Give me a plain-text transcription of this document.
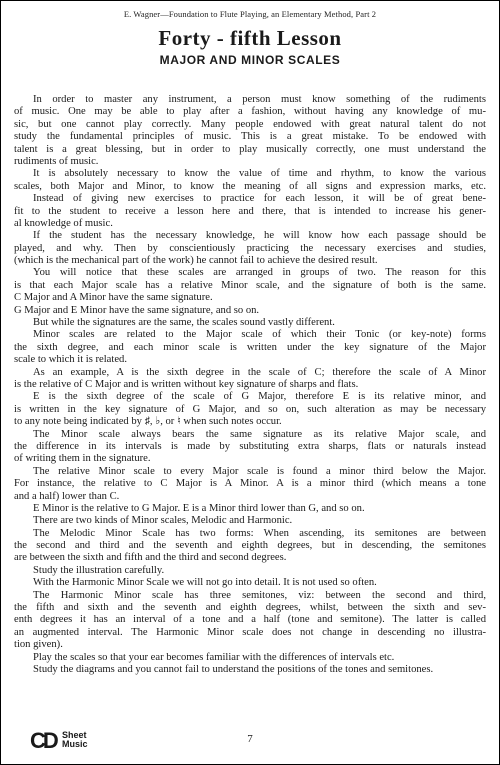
E. Wagner—Foundation to Flute Playing, an Elementary Method, Part 2
Forty - fifth Lesson
MAJOR AND MINOR SCALES
In order to master any instrument, a person must know something of the rudiments
of music. One may be able to play after a fashion, without having any knowledge of mu-
sic, but one cannot play correctly. Many people endowed with great natural talent do not
study the fundamental principles of music. This is a great mistake. To be endowed with
talent is a great blessing, but in order to play musically correctly, one must understand the
rudiments of music.
It is absolutely necessary to know the value of time and rhythm, to know the various
scales, both Major and Minor, to know the meaning of all signs and expression marks, etc.
Instead of giving new exercises to practice for each lesson, it will be of great bene-
fit to the student to receive a lesson here and there, that is intended to increase his gener-
al knowledge of music.
If the student has the necessary knowledge, he will know how each passage should be
played, and why. Then by conscientiously practicing the necessary exercises and studies,
(which is the mechanical part of the work) he cannot fail to achieve the desired result.
You will notice that these scales are arranged in groups of two. The reason for this
is that each Major scale has a relative Minor scale, and the signature of both is the same.
C Major and A Minor have the same signature.
G Major and E Minor have the same signature, and so on.
But while the signatures are the same, the scales sound vastly different.
Minor scales are related to the Major scale of which their Tonic (or key-note) forms
the sixth degree, and each minor scale is written under the key signature of the Major
scale to which it is related.
As an example, A is the sixth degree in the scale of C; therefore the scale of A Minor
is the relative of C Major and is written without key signature of sharps and flats.
E is the sixth degree of the scale of G Major, therefore E is its relative minor, and
is written in the key signature of G Major, and so on, such alteration as may be necessary
to any note being indicated by ♯, ♭, or ♮ when such notes occur.
The Minor scale always bears the same signature as its relative Major scale, and
the difference in its intervals is made by substituting extra sharps, flats or naturals instead
of writing them in the signature.
The relative Minor scale to every Major scale is found a minor third below the Major.
For instance, the relative to C Major is A Minor. A is a minor third (which means a tone
and a half) lower than C.
E Minor is the relative to G Major. E is a Minor third lower than G, and so on.
There are two kinds of Minor scales, Melodic and Harmonic.
The Melodic Minor Scale has two forms: When ascending, its semitones are between
the second and third and the seventh and eighth degrees, but in descending, the semitones
are between the sixth and fifth and the third and second degrees.
Study the illustration carefully.
With the Harmonic Minor Scale we will not go into detail. It is not used so often.
The Harmonic Minor scale has three semitones, viz: between the second and third,
the fifth and sixth and the seventh and eighth degrees, whilst, between the sixth and sev-
enth degrees it has an interval of a tone and a half (tone and semitone). The latter is called
an augmented interval. The Harmonic Minor scale does not change in descending no illustra-
tion given).
Play the scales so that your ear becomes familiar with the differences of intervals etc.
Study the diagrams and you cannot fail to understand the positions of the tones and semitones.
CD Sheet Music	7
